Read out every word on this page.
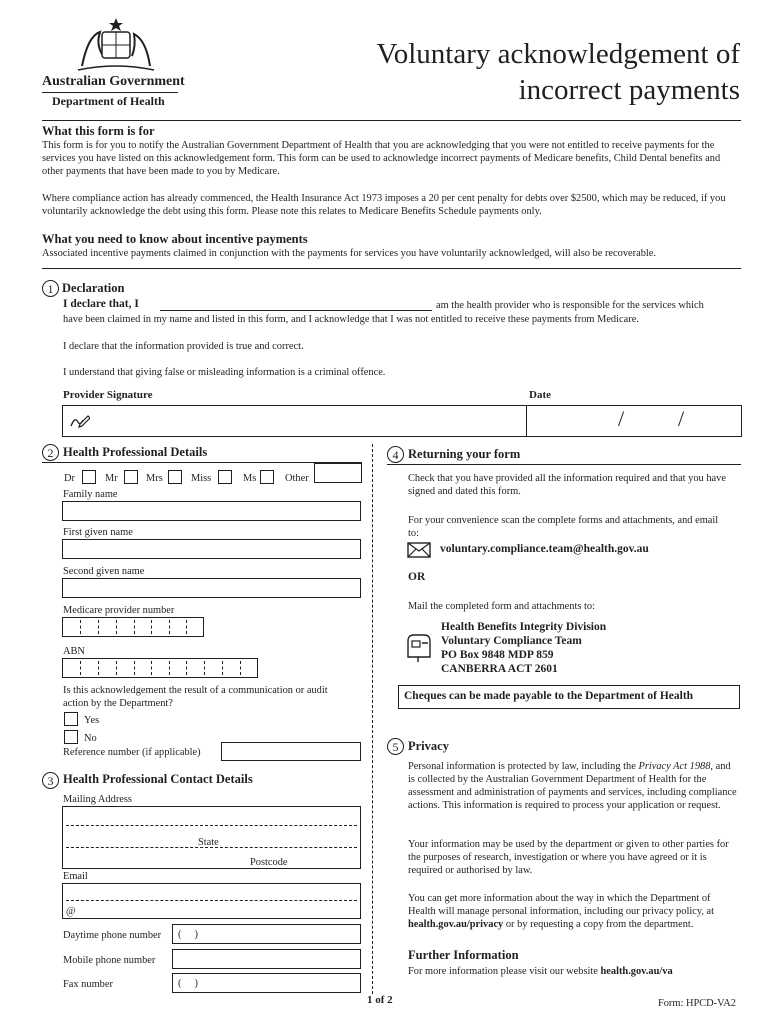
Australian Government
Department of Health
Voluntary acknowledgement of
incorrect payments
What this form is for
This form is for you to notify the Australian Government Department of Health that you are acknowledging that you were not entitled to receive payments for the services you have listed on this acknowledgement form. This form can be used to acknowledge incorrect payments of Medicare benefits, Child Dental benefits and other payments that have been made to you by Medicare.
Where compliance action has already commenced, the Health Insurance Act 1973 imposes a 20 per cent penalty for debts over $2500, which may be reduced, if you voluntarily acknowledge the debt using this form. Please note this relates to Medicare Benefits Schedule payments only.
What you need to know about incentive payments
Associated incentive payments claimed in conjunction with the payments for services you have voluntarily acknowledged, will also be recoverable.
1 Declaration
I declare that, I	am the health provider who is responsible for the services which
have been claimed in my name and listed in this form, and I acknowledge that I was not entitled to receive these payments from Medicare.
I declare that the information provided is true and correct.
I understand that giving false or misleading information is a criminal offence.
Provider Signature	Date
/ /
2 Health Professional Details
Dr	Mr	Mrs	Miss	Ms	Other
Family name
First given name
Second given name
Medicare provider number
ABN
Is this acknowledgement the result of a communication or audit action by the Department?
Yes
No
Reference number (if applicable)
3 Health Professional Contact Details
Mailing Address
State
Postcode
Email
@
Daytime phone number (     )
Mobile phone number
Fax number	(     )
4 Returning your form
Check that you have provided all the information required and that you have signed and dated this form.
For your convenience scan the complete forms and attachments, and email to:
voluntary.compliance.team@health.gov.au
OR
Mail the completed form and attachments to:
Health Benefits Integrity Division
Voluntary Compliance Team
PO Box 9848 MDP 859
CANBERRA ACT 2601
Cheques can be made payable to the Department of Health
5 Privacy
Personal information is protected by law, including the Privacy Act 1988, and is collected by the Australian Government Department of Health for the assessment and administration of payments and services, including compliance actions. This information is required to process your application or request.
Your information may be used by the department or given to other parties for the purposes of research, investigation or where you have agreed or it is required or authorised by law.
You can get more information about the way in which the Department of Health will manage personal information, including our privacy policy, at health.gov.au/privacy or by requesting a copy from the department.
Further Information
For more information please visit our website health.gov.au/va
1 of 2	Form: HPCD-VA2
